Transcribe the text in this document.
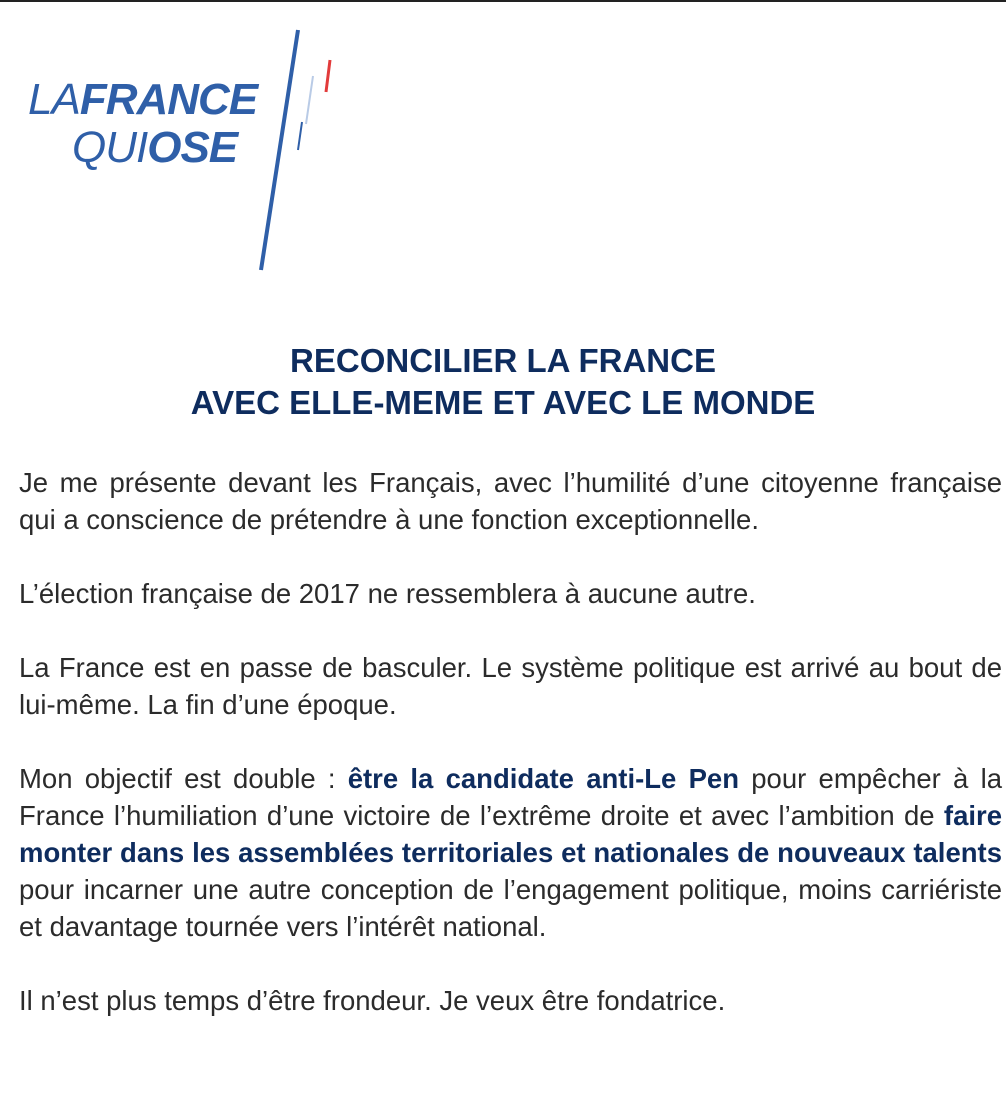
LAFRANCE
QUIOSE
RECONCILIER LA FRANCE
AVEC ELLE-MEME ET AVEC LE MONDE

Je me présente devant les Français, avec l’humilité d’une citoyenne française qui a conscience de prétendre à une fonction exceptionnelle.

L’élection française de 2017 ne ressemblera à aucune autre.

La France est en passe de basculer. Le système politique est arrivé au bout de lui-même. La fin d’une époque.

Mon objectif est double : être la candidate anti-Le Pen pour empêcher à la France l’humiliation d’une victoire de l’extrême droite et avec l’ambition de faire monter dans les assemblées territoriales et nationales de nouveaux talents pour incarner une autre conception de l’engagement politique, moins carriériste et davantage tournée vers l’intérêt national.

Il n’est plus temps d’être frondeur. Je veux être fondatrice.
